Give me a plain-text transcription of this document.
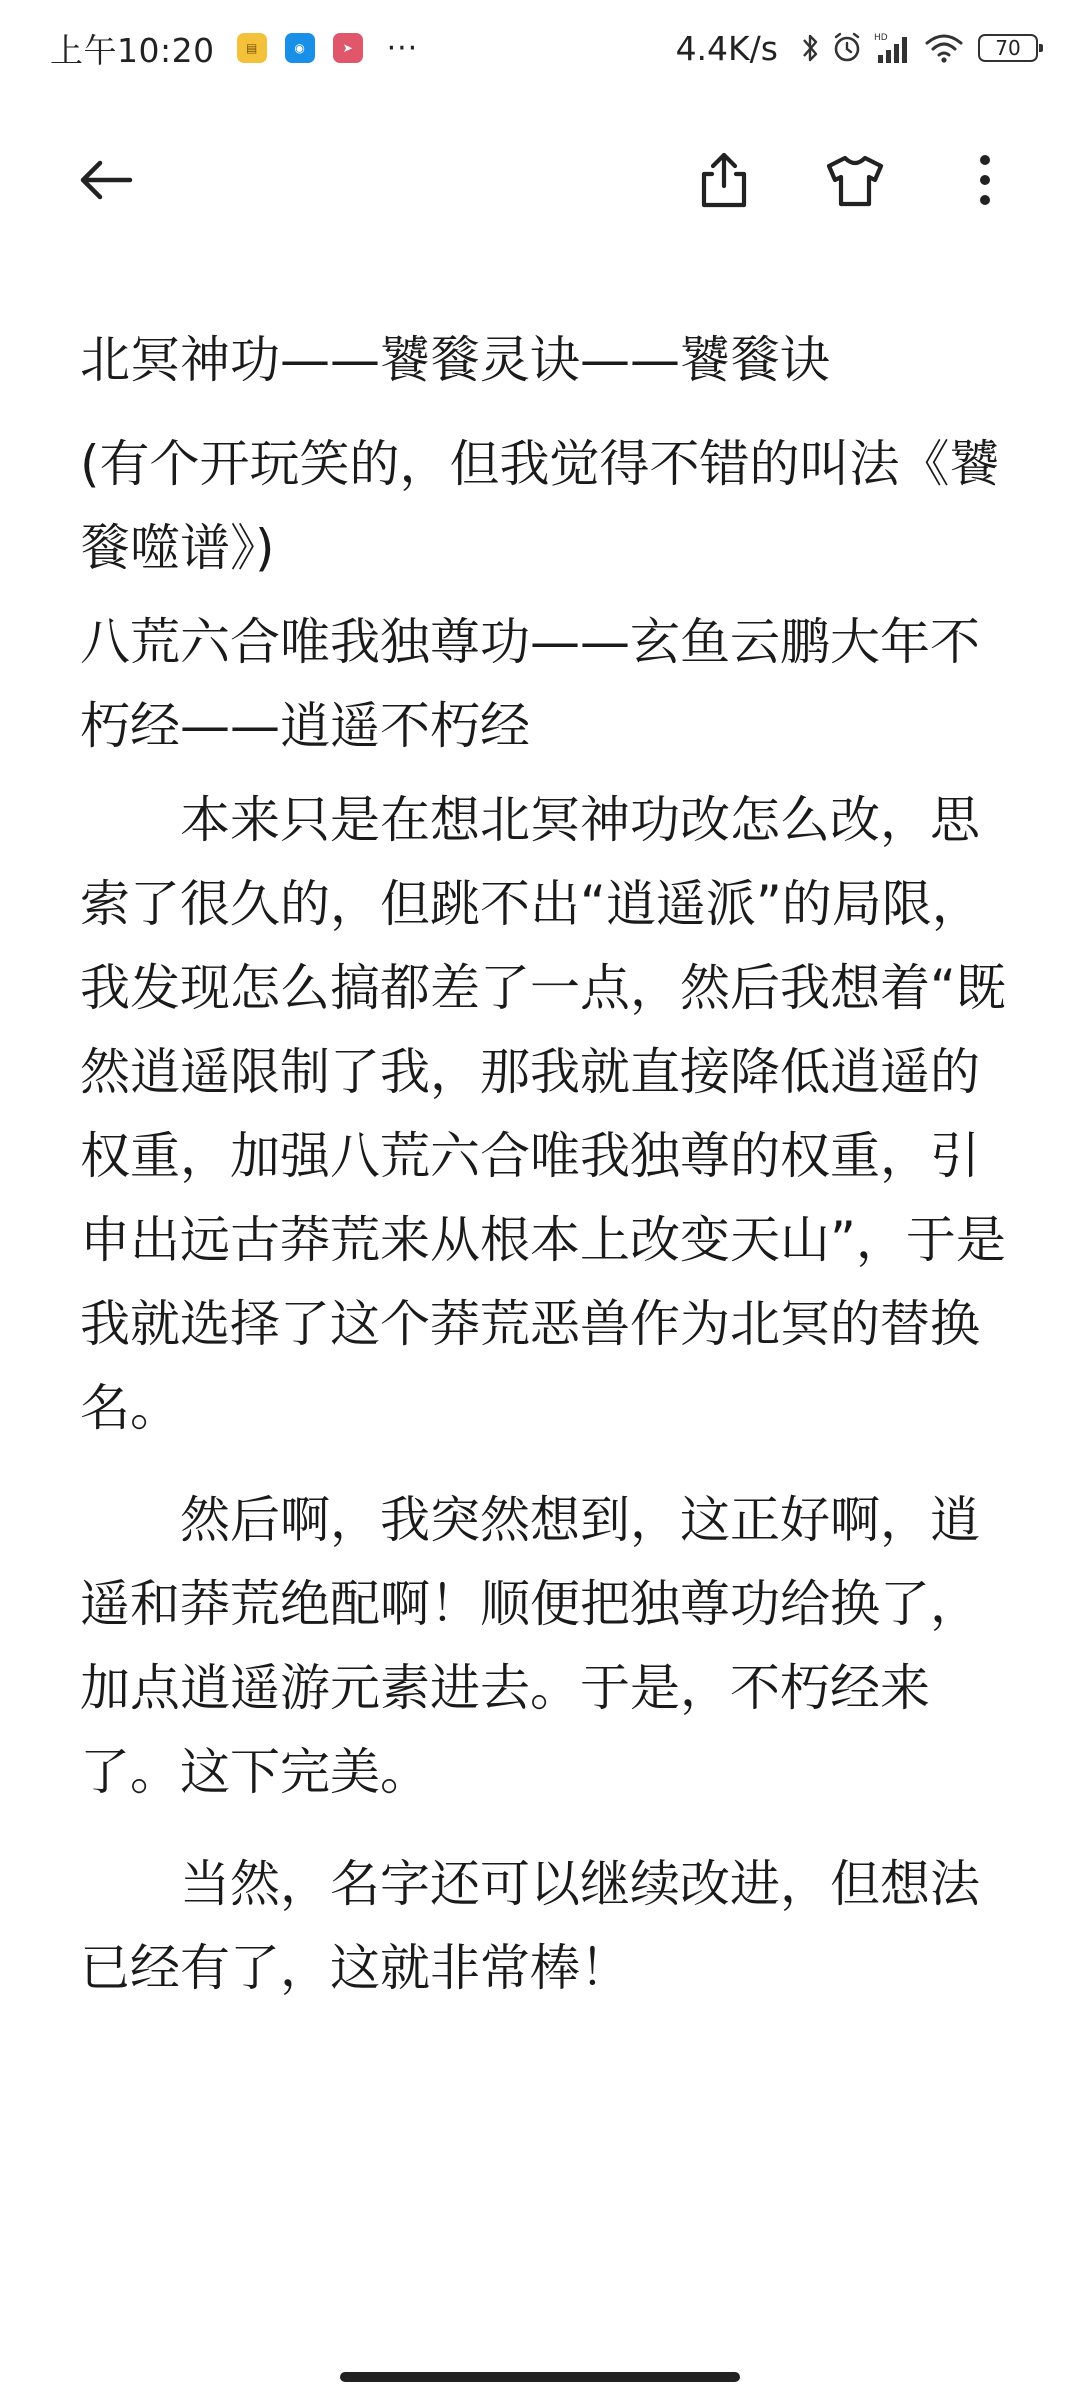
上午10:20	▤	◉	➤	···	4.4K/s	HD	70

北冥神功——饕餮灵诀——饕餮诀

(有个开玩笑的，但我觉得不错的叫法《饕餮噬谱》)

八荒六合唯我独尊功——玄鱼云鹏大年不朽经——逍遥不朽经

本来只是在想北冥神功改怎么改，思索了很久的，但跳不出“逍遥派”的局限，我发现怎么搞都差了一点，然后我想着“既然逍遥限制了我，那我就直接降低逍遥的权重，加强八荒六合唯我独尊的权重，引申出远古莽荒来从根本上改变天山”，于是我就选择了这个莽荒恶兽作为北冥的替换名。

然后啊，我突然想到，这正好啊，逍遥和莽荒绝配啊！顺便把独尊功给换了，加点逍遥游元素进去。于是，不朽经来了。这下完美。

当然，名字还可以继续改进，但想法已经有了，这就非常棒！
